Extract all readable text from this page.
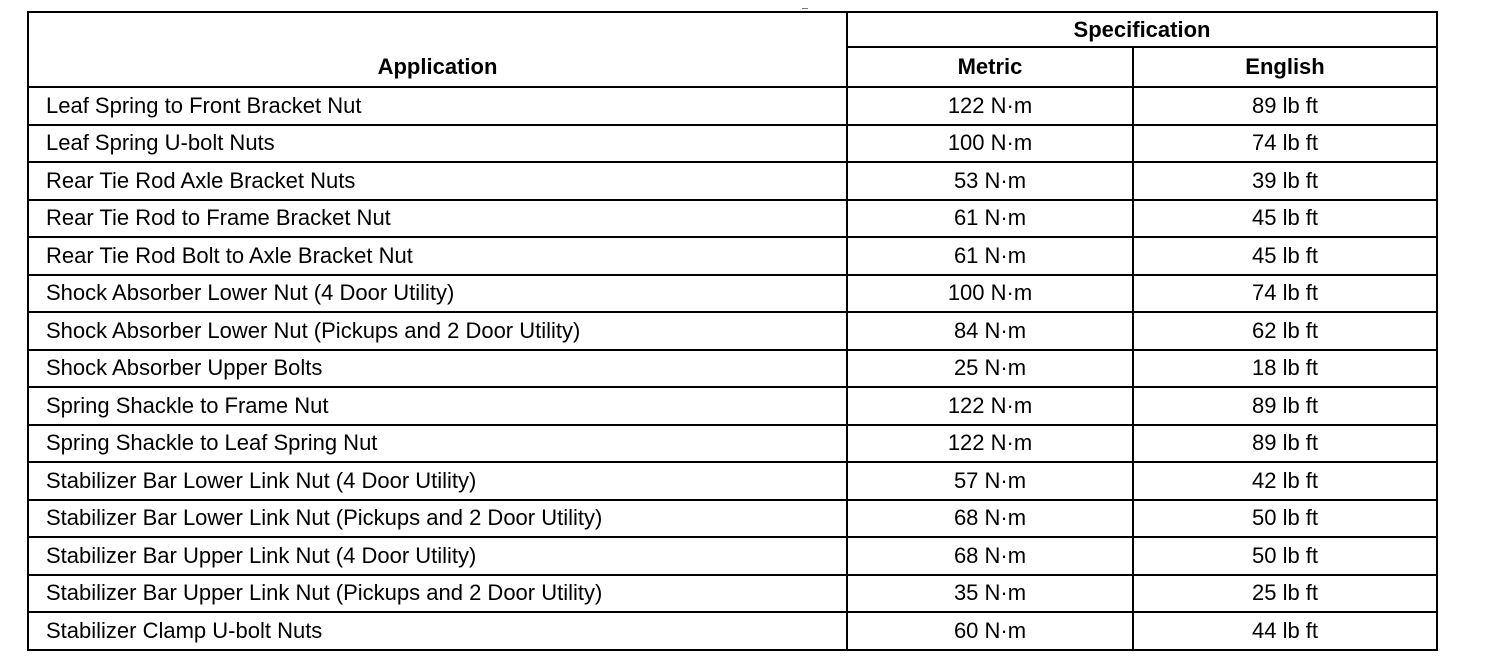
Application	Specification	
	Metric	English
Leaf Spring to Front Bracket Nut	122 N·m	89 lb ft
Leaf Spring U-bolt Nuts	100 N·m	74 lb ft
Rear Tie Rod Axle Bracket Nuts	53 N·m	39 lb ft
Rear Tie Rod to Frame Bracket Nut	61 N·m	45 lb ft
Rear Tie Rod Bolt to Axle Bracket Nut	61 N·m	45 lb ft
Shock Absorber Lower Nut (4 Door Utility)	100 N·m	74 lb ft
Shock Absorber Lower Nut (Pickups and 2 Door Utility)	84 N·m	62 lb ft
Shock Absorber Upper Bolts	25 N·m	18 lb ft
Spring Shackle to Frame Nut	122 N·m	89 lb ft
Spring Shackle to Leaf Spring Nut	122 N·m	89 lb ft
Stabilizer Bar Lower Link Nut (4 Door Utility)	57 N·m	42 lb ft
Stabilizer Bar Lower Link Nut (Pickups and 2 Door Utility)	68 N·m	50 lb ft
Stabilizer Bar Upper Link Nut (4 Door Utility)	68 N·m	50 lb ft
Stabilizer Bar Upper Link Nut (Pickups and 2 Door Utility)	35 N·m	25 lb ft
Stabilizer Clamp U-bolt Nuts	60 N·m	44 lb ft
